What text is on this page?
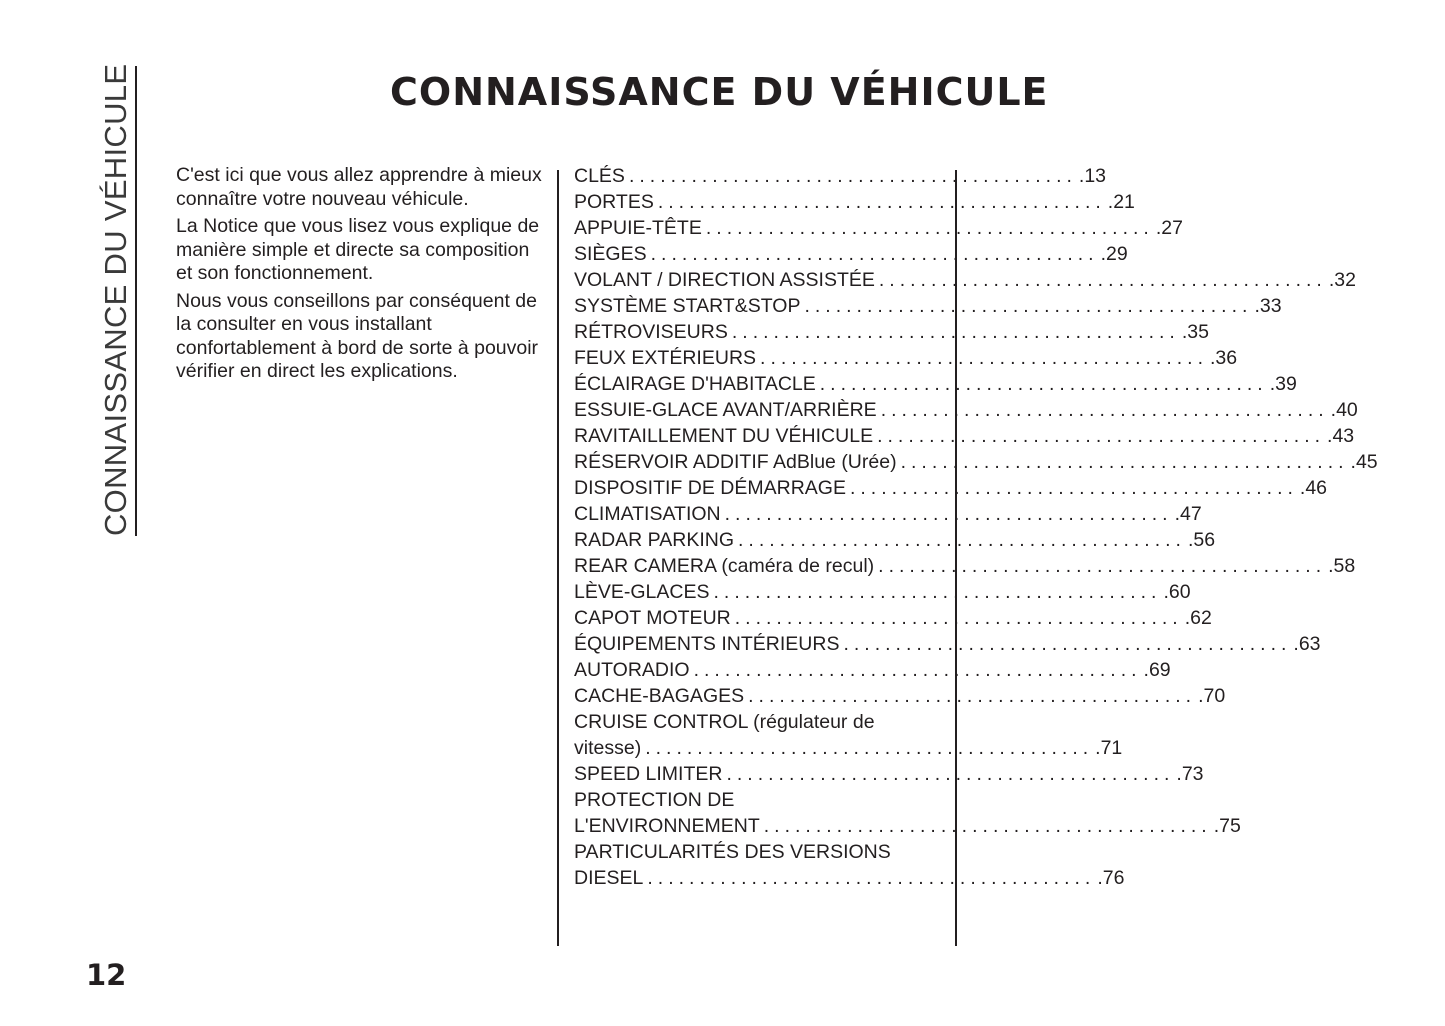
CONNAISSANCE DU VÉHICULE	CONNAISSANCE DU VÉHICULE

C'est ici que vous allez apprendre à mieux connaître votre nouveau véhicule.

La Notice que vous lisez vous explique de manière simple et directe sa composition et son fonctionnement.

Nous vous conseillons par conséquent de la consulter en vous installant confortablement à bord de sorte à pouvoir vérifier en direct les explications.

CLÉS ........................................... .13
PORTES ........................................... .21
APPUIE-TÊTE ........................................... .27
SIÈGES ........................................... .29
VOLANT / DIRECTION ASSISTÉE ........................................... .32
SYSTÈME START&STOP ........................................... .33
RÉTROVISEURS ........................................... .35
FEUX EXTÉRIEURS ........................................... .36
ÉCLAIRAGE D'HABITACLE ........................................... .39
ESSUIE-GLACE AVANT/ARRIÈRE ........................................... .40
RAVITAILLEMENT DU VÉHICULE ........................................... .43
RÉSERVOIR ADDITIF AdBlue (Urée) ........................................... .45
DISPOSITIF DE DÉMARRAGE ........................................... .46
CLIMATISATION ........................................... .47
RADAR PARKING ........................................... .56
REAR CAMERA (caméra de recul) ........................................... .58
LÈVE-GLACES ........................................... .60
CAPOT MOTEUR ........................................... .62
ÉQUIPEMENTS INTÉRIEURS ........................................... .63
AUTORADIO ........................................... .69
CACHE-BAGAGES ........................................... .70
CRUISE CONTROL (régulateur de
vitesse) ........................................... .71
SPEED LIMITER ........................................... .73
PROTECTION DE
L'ENVIRONNEMENT ........................................... .75
PARTICULARITÉS DES VERSIONS
DIESEL ........................................... .76
12
